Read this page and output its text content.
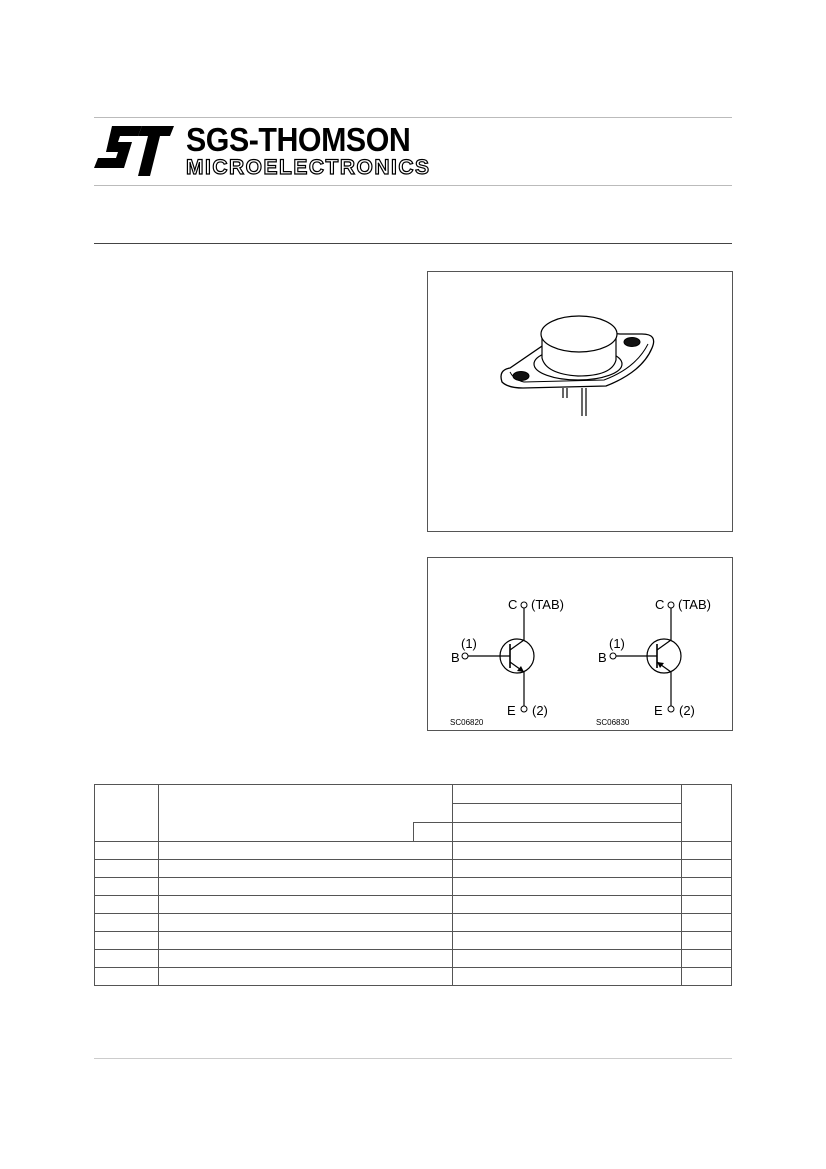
SGS-THOMSON
MICROELECTRONICS
C (TAB)
(1)
B
E (2)
SC06820
C (TAB)
(1)
B
E (2)
SC06830
